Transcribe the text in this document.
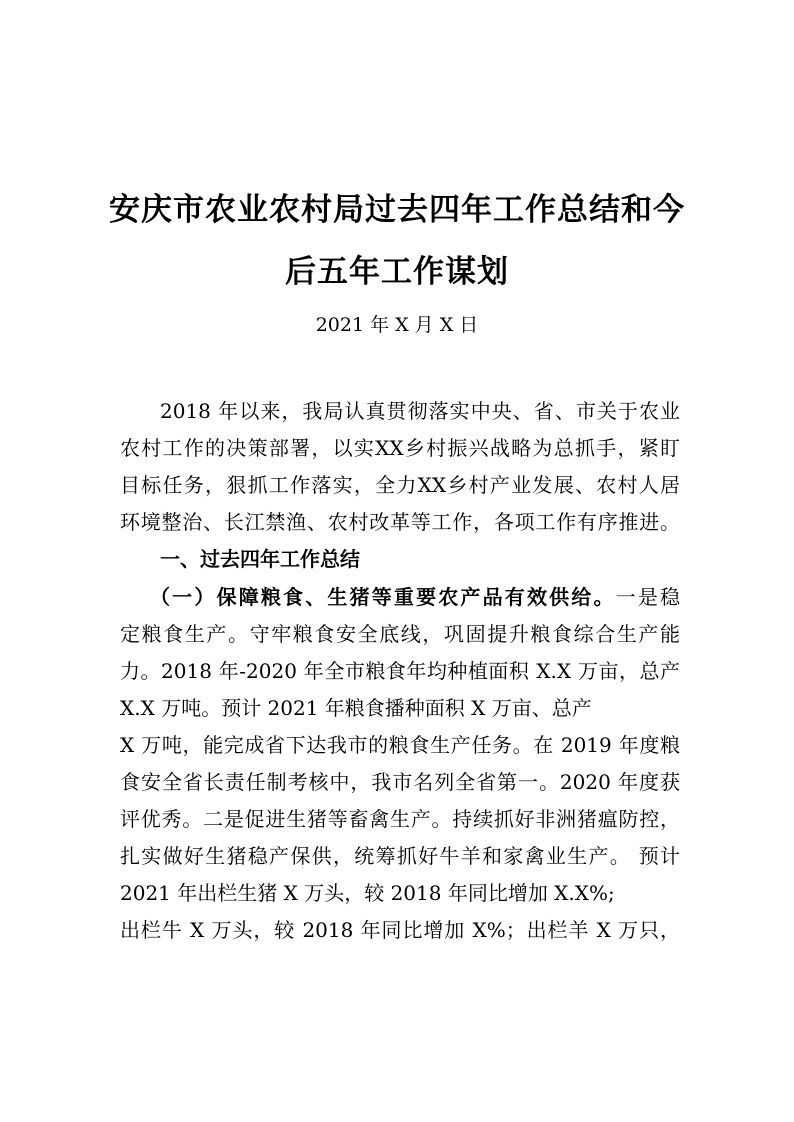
安庆市农业农村局过去四年工作总结和今
后五年工作谋划
2021 年 X 月 X 日
2018 年以来，我局认真贯彻落实中央、省、市关于农业
农村工作的决策部署，以实XX乡村振兴战略为总抓手，紧盯
目标任务，狠抓工作落实，全力XX乡村产业发展、农村人居
环境整治、长江禁渔、农村改革等工作，各项工作有序推进。
一、过去四年工作总结
（一）保障粮食、生猪等重要农产品有效供给。一是稳
定粮食生产。守牢粮食安全底线，巩固提升粮食综合生产能
力。2018 年-2020 年全市粮食年均种植面积 X.X 万亩，总产
X.X 万吨。预计 2021 年粮食播种面积 X 万亩、总产
X 万吨，能完成省下达我市的粮食生产任务。在 2019 年度粮
食安全省长责任制考核中，我市名列全省第一。2020 年度获
评优秀。二是促进生猪等畜禽生产。持续抓好非洲猪瘟防控，
扎实做好生猪稳产保供，统筹抓好牛羊和家禽业生产。 预计
2021 年出栏生猪 X 万头，较 2018 年同比增加 X.X%;
出栏牛 X 万头，较 2018 年同比增加 X%；出栏羊 X 万只，
